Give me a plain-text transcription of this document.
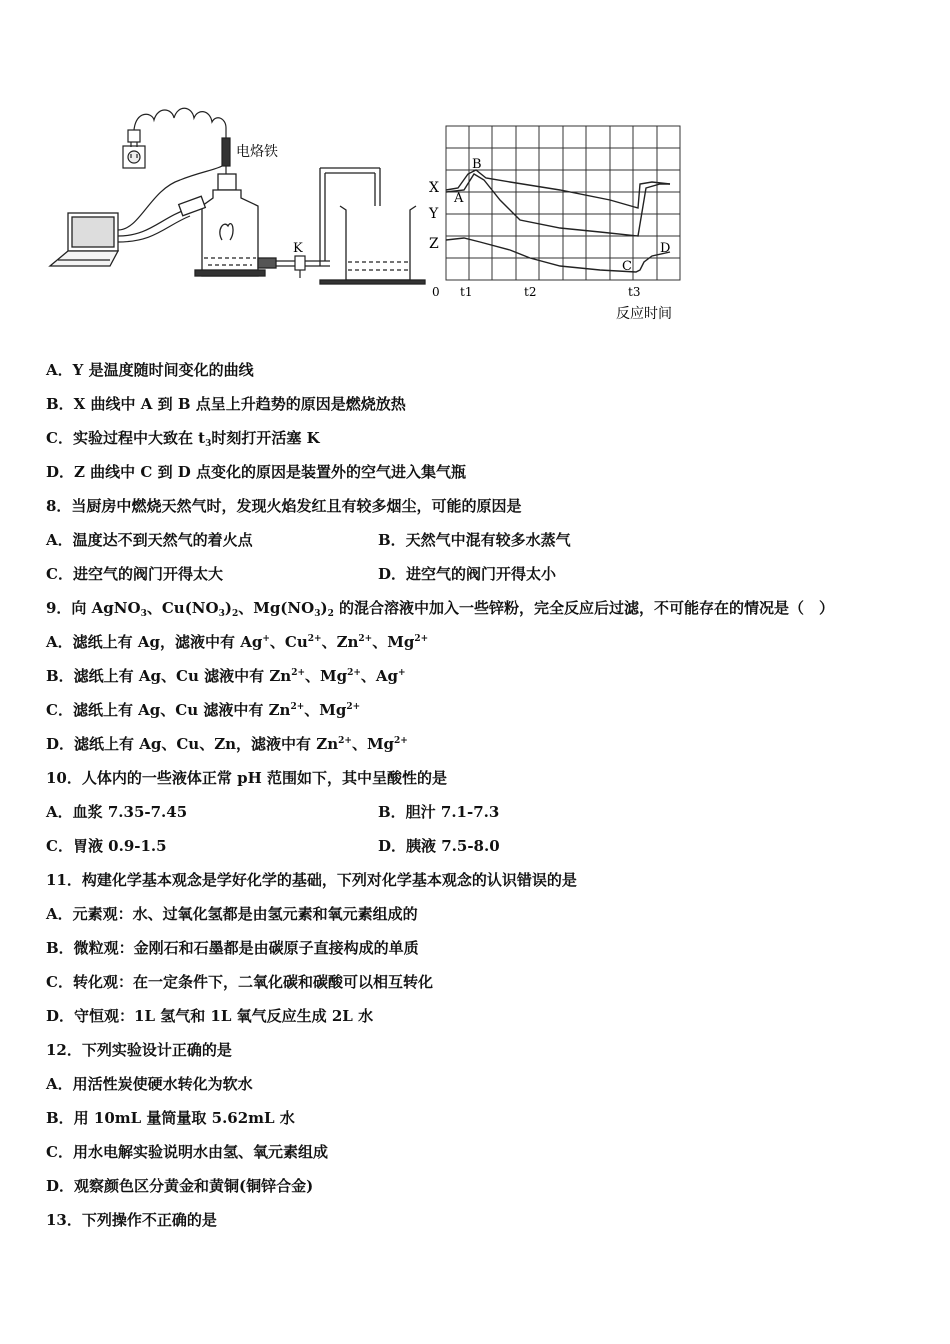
电烙铁
K
X
Y
Z
A
B
C
D
0 t1	t2	t3
反应时间
A．Y 是温度随时间变化的曲线
B．X 曲线中 A 到 B 点呈上升趋势的原因是燃烧放热
C．实验过程中大致在 $t_3$时刻打开活塞 K
D．Z 曲线中 C 到 D 点变化的原因是装置外的空气进入集气瓶
8．当厨房中燃烧天然气时，发现火焰发红且有较多烟尘，可能的原因是
A．温度达不到天然气的着火点	B．天然气中混有较多水蒸气
C．进空气的阀门开得太大	D．进空气的阀门开得太小
9．向 AgNO$_3$、$Cu(NO_3)_2$、$Mg(NO_3)_2$ 的混合溶液中加入一些锌粉，完全反应后过滤，不可能存在的情况是（　）
A．滤纸上有 Ag，滤液中有 Ag+、$Cu^{2+}$、$Zn^{2+}$、$Mg^{2+}$
B．滤纸上有 Ag、Cu 滤液中有 $Zn^{2+}$、$Mg^{2+}$、Ag+
C．滤纸上有 Ag、Cu 滤液中有 $Zn^{2+}$、$Mg^{2+}$
D．滤纸上有 Ag、Cu、Zn，滤液中有 $Zn^{2+}$、$Mg^{2+}$
10．人体内的一些液体正常 pH 范围如下，其中呈酸性的是
A．血浆 7.35-7.45	B．胆汁 7.1-7.3
C．胃液 0.9-1.5	D．胰液 7.5-8.0
11．构建化学基本观念是学好化学的基础，下列对化学基本观念的认识错误的是
A．元素观：水、过氧化氢都是由氢元素和氧元素组成的
B．微粒观：金刚石和石墨都是由碳原子直接构成的单质
C．转化观：在一定条件下，二氧化碳和碳酸可以相互转化
D．守恒观：1L 氢气和 1L 氧气反应生成 2L 水
12．下列实验设计正确的是
A．用活性炭使硬水转化为软水
B．用 10mL 量筒量取 5.62mL 水
C．用水电解实验说明水由氢、氧元素组成
D．观察颜色区分黄金和黄铜(铜锌合金)
13．下列操作不正确的是
